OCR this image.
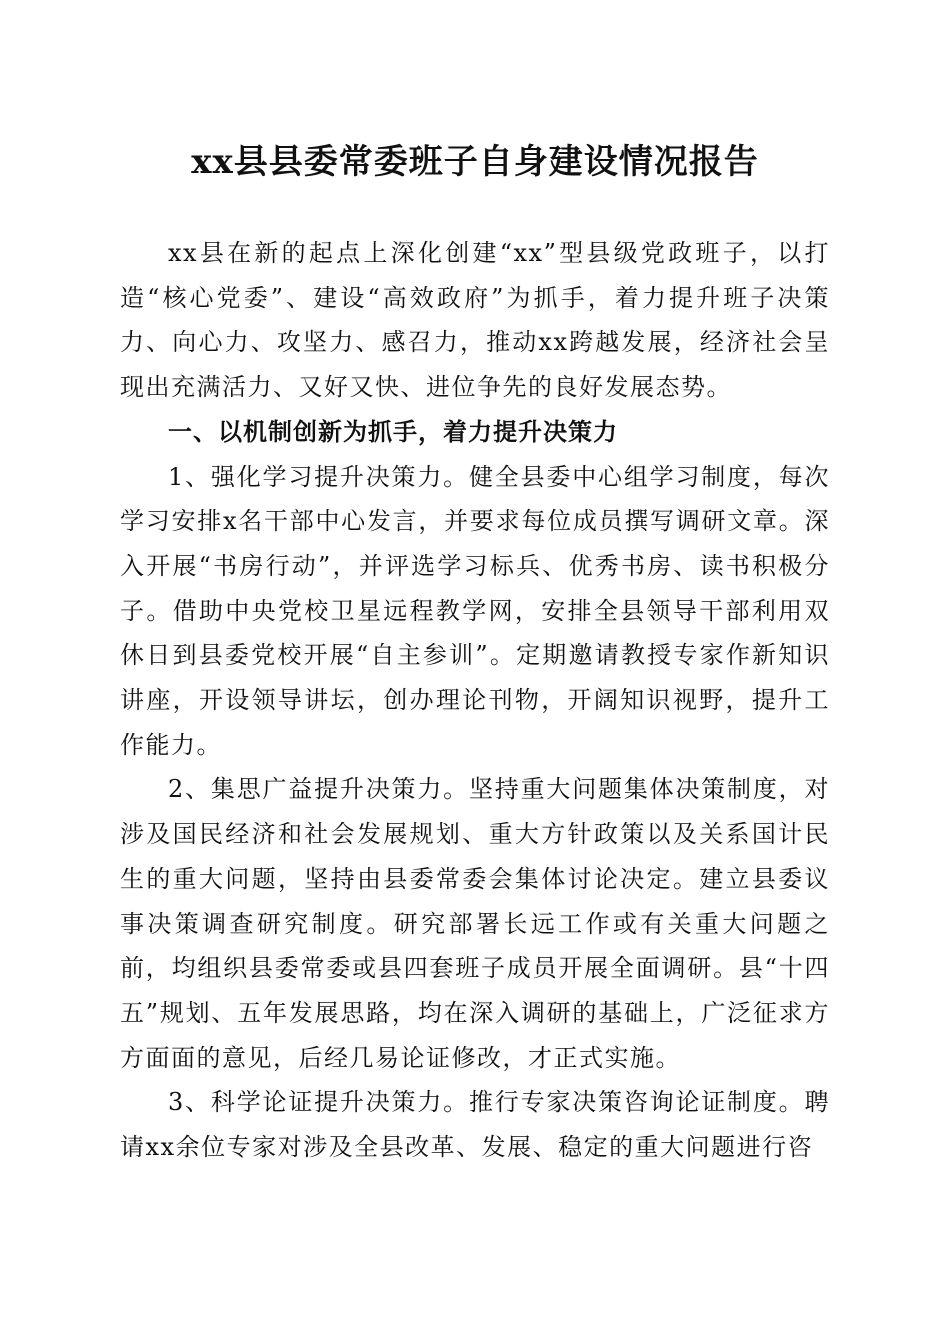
xx县县委常委班子自身建设情况报告

xx县在新的起点上深化创建“xx”型县级党政班子，以打造“核心党委”、建设“高效政府”为抓手，着力提升班子决策力、向心力、攻坚力、感召力，推动xx跨越发展，经济社会呈现出充满活力、又好又快、进位争先的良好发展态势。

一、以机制创新为抓手，着力提升决策力

1、强化学习提升决策力。健全县委中心组学习制度，每次学习安排x名干部中心发言，并要求每位成员撰写调研文章。深入开展“书房行动”，并评选学习标兵、优秀书房、读书积极分子。借助中央党校卫星远程教学网，安排全县领导干部利用双休日到县委党校开展“自主参训”。定期邀请教授专家作新知识讲座，开设领导讲坛，创办理论刊物，开阔知识视野，提升工作能力。

2、集思广益提升决策力。坚持重大问题集体决策制度，对涉及国民经济和社会发展规划、重大方针政策以及关系国计民生的重大问题，坚持由县委常委会集体讨论决定。建立县委议事决策调查研究制度。研究部署长远工作或有关重大问题之前，均组织县委常委或县四套班子成员开展全面调研。县“十四五”规划、五年发展思路，均在深入调研的基础上，广泛征求方方面面的意见，后经几易论证修改，才正式实施。

3、科学论证提升决策力。推行专家决策咨询论证制度。聘请xx余位专家对涉及全县改革、发展、稳定的重大问题进行咨
